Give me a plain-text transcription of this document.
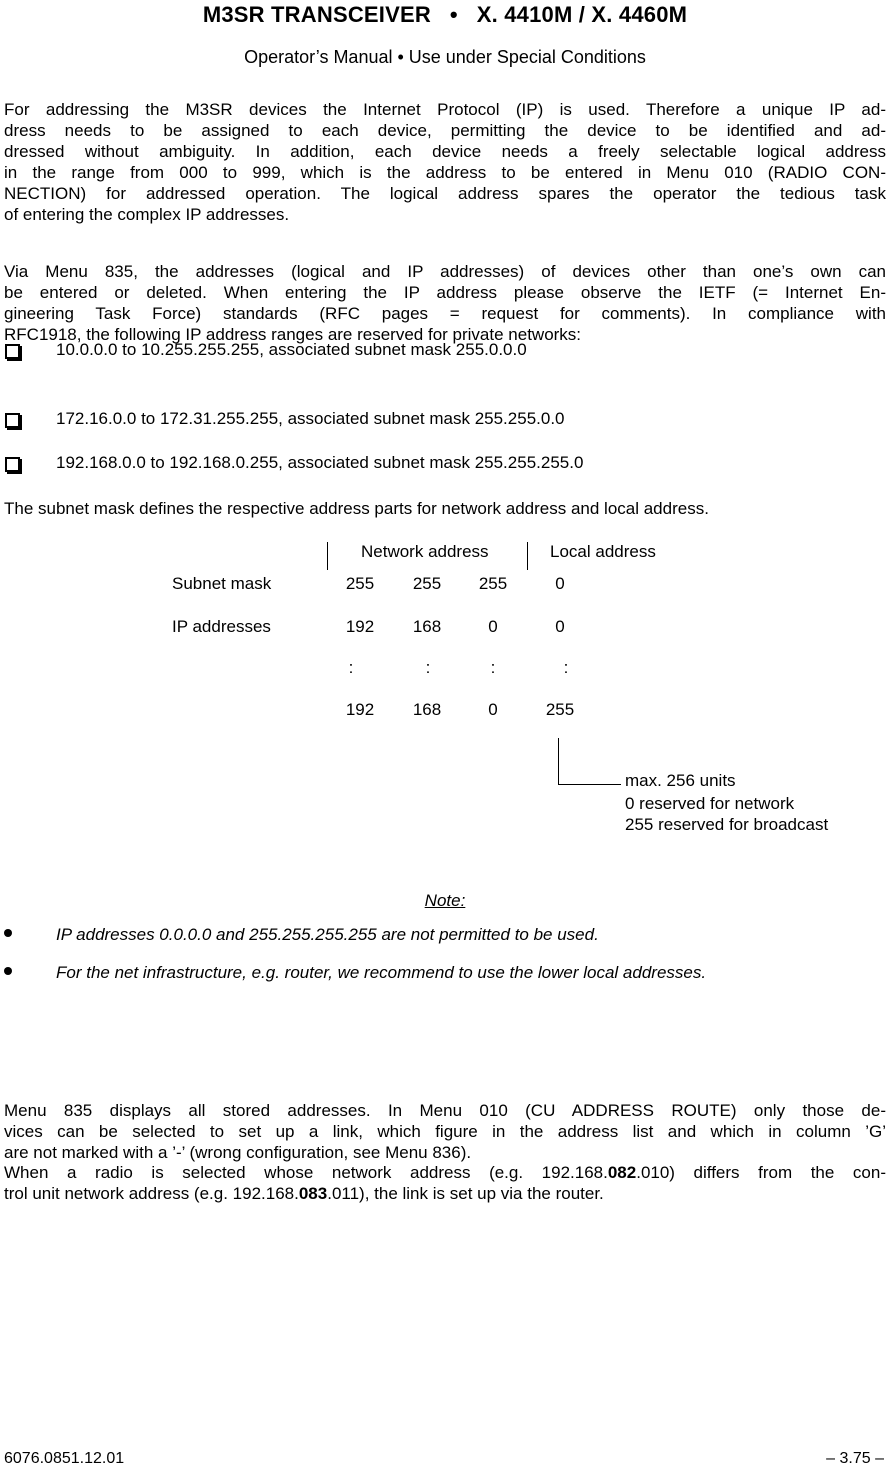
M3SR TRANSCEIVER   •   X. 4410M / X. 4460M
Operator’s Manual • Use under Special Conditions
For addressing the M3SR devices the Internet Protocol (IP) is used. Therefore a unique IP ad-
dress needs to be assigned to each device, permitting the device to be identified and ad-
dressed without ambiguity. In addition, each device needs a freely selectable logical address
in the range from 000 to 999, which is the address to be entered in Menu 010 (RADIO CON-
NECTION) for addressed operation. The logical address spares the operator the tedious task
of entering the complex IP addresses.
Via Menu 835, the addresses (logical and IP addresses) of devices other than one’s own can
be entered or deleted. When entering the IP address please observe the IETF (= Internet En-
gineering Task Force) standards (RFC pages = request for comments). In compliance with
RFC1918, the following IP address ranges are reserved for private networks:
10.0.0.0 to 10.255.255.255, associated subnet mask 255.0.0.0
172.16.0.0 to 172.31.255.255, associated subnet mask 255.255.0.0
192.168.0.0 to 192.168.0.255, associated subnet mask 255.255.255.0
The subnet mask defines the respective address parts for network address and local address.
Network address	Local address
Subnet mask	255	255	255	0
IP addresses	192	168	0	0
:	:	:	:
192	168	0	255
max. 256 units
0 reserved for network
255 reserved for broadcast
Note:
IP addresses 0.0.0.0 and 255.255.255.255 are not permitted to be used.
For the net infrastructure, e.g. router, we recommend to use the lower local addresses.
Menu 835 displays all stored addresses. In Menu 010 (CU ADDRESS ROUTE) only those de-
vices can be selected to set up a link, which figure in the address list and which in column ’G’
are not marked with a ’-’ (wrong configuration, see Menu 836).
When a radio is selected whose network address (e.g. 192.168.082.010) differs from the con-
trol unit network address (e.g. 192.168.083.011), the link is set up via the router.
6076.0851.12.01	– 3.75 –
